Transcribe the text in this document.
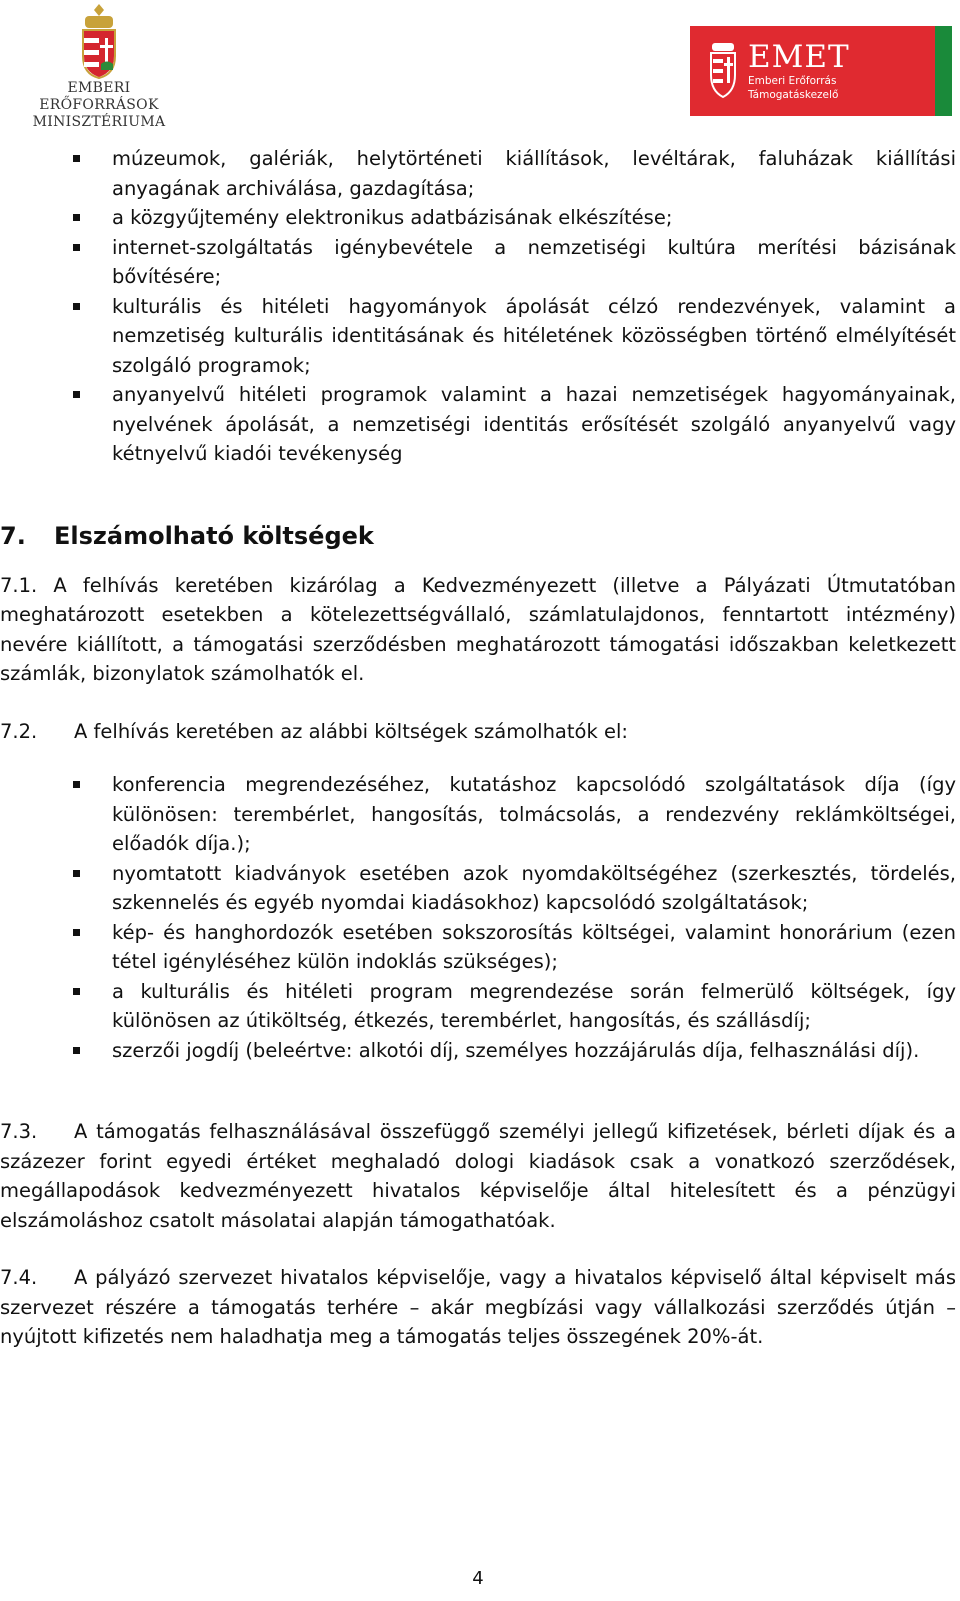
EMBERI ERŐFORRÁSOK
MINISZTÉRIUMA
EMET
Emberi Erőforrás
Támogatáskezelő
múzeumok, galériák, helytörténeti kiállítások, levéltárak, faluházak kiállítási anyagának archiválása, gazdagítása;
a közgyűjtemény elektronikus adatbázisának elkészítése;
internet-szolgáltatás igénybevétele a nemzetiségi kultúra merítési bázisának bővítésére;
kulturális és hitéleti hagyományok ápolását célzó rendezvények, valamint a nemzetiség kulturális identitásának és hitéletének közösségben történő elmélyítését szolgáló programok;
anyanyelvű hitéleti programok valamint a hazai nemzetiségek hagyományainak, nyelvének ápolását, a nemzetiségi identitás erősítését szolgáló anyanyelvű vagy kétnyelvű kiadói tevékenység
7. Elszámolható költségek

7.1. A felhívás keretében kizárólag a Kedvezményezett (illetve a Pályázati Útmutatóban meghatározott esetekben a kötelezettségvállaló, számlatulajdonos, fenntartott intézmény) nevére kiállított, a támogatási szerződésben meghatározott támogatási időszakban keletkezett számlák, bizonylatok számolhatók el.

7.2. A felhívás keretében az alábbi költségek számolhatók el:

konferencia megrendezéséhez, kutatáshoz kapcsolódó szolgáltatások díja (így különösen: terembérlet, hangosítás, tolmácsolás, a rendezvény reklámköltségei, előadók díja.);
nyomtatott kiadványok esetében azok nyomdaköltségéhez (szerkesztés, tördelés, szkennelés és egyéb nyomdai kiadásokhoz) kapcsolódó szolgáltatások;
kép- és hanghordozók esetében sokszorosítás költségei, valamint honorárium (ezen tétel igényléséhez külön indoklás szükséges);
a kulturális és hitéleti program megrendezése során felmerülő költségek, így különösen az útiköltség, étkezés, terembérlet, hangosítás, és szállásdíj;
szerzői jogdíj (beleértve: alkotói díj, személyes hozzájárulás díja, felhasználási díj).

7.3. A támogatás felhasználásával összefüggő személyi jellegű kifizetések, bérleti díjak és a százezer forint egyedi értéket meghaladó dologi kiadások csak a vonatkozó szerződések, megállapodások kedvezményezett hivatalos képviselője által hitelesített és a pénzügyi elszámoláshoz csatolt másolatai alapján támogathatóak.

7.4. A pályázó szervezet hivatalos képviselője, vagy a hivatalos képviselő által képviselt más szervezet részére a támogatás terhére – akár megbízási vagy vállalkozási szerződés útján – nyújtott kifizetés nem haladhatja meg a támogatás teljes összegének 20%-át.

4
